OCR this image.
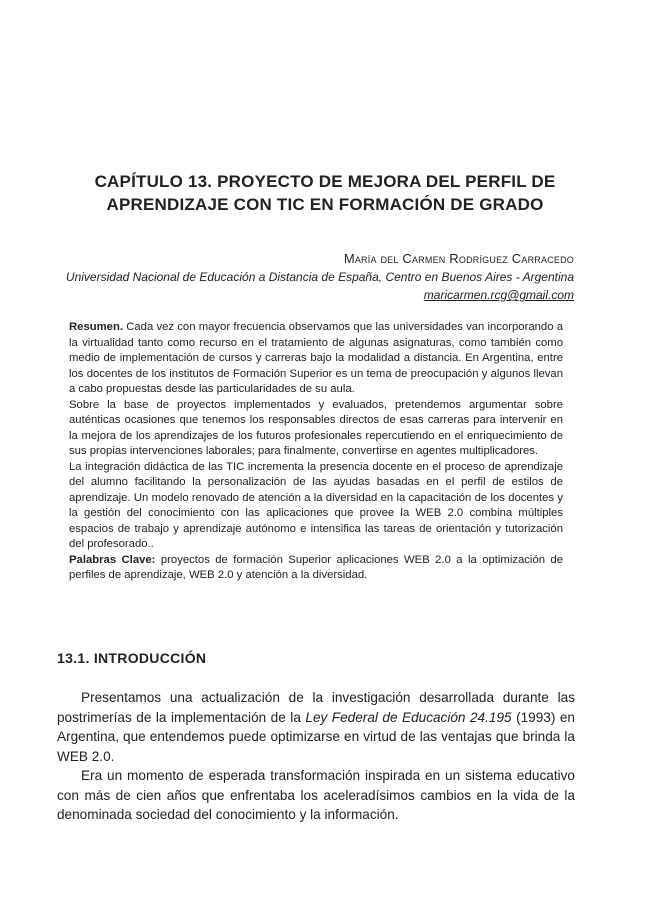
CAPÍTULO 13. PROYECTO DE MEJORA DEL PERFIL DE
APRENDIZAJE CON TIC EN FORMACIÓN DE GRADO
María del Carmen Rodríguez Carracedo
Universidad Nacional de Educación a Distancia de España, Centro en Buenos Aires - Argentina
maricarmen.rcg@gmail.com

Resumen. Cada vez con mayor frecuencia observamos que las universidades van incorporando a la virtualidad tanto como recurso en el tratamiento de algunas asignaturas, como también como medio de implementación de cursos y carreras bajo la modalidad a distancia. En Argentina, entre los docentes de los institutos de Formación Superior es un tema de preocupación y algunos llevan a cabo propuestas desde las particularidades de su aula.

Sobre la base de proyectos implementados y evaluados, pretendemos argumentar sobre auténticas ocasiones que tenemos los responsables directos de esas carreras para intervenir en la mejora de los aprendizajes de los futuros profesionales repercutiendo en el enriquecimiento de sus propias intervenciones laborales; para finalmente, convertirse en agentes multiplicadores.

La integración didáctica de las TIC incrementa la presencia docente en el proceso de aprendizaje del alumno facilitando la personalización de las ayudas basadas en el perfil de estilos de aprendizaje. Un modelo renovado de atención a la diversidad en la capacitación de los docentes y la gestión del conocimiento con las aplicaciones que provee la WEB 2.0 combina múltiples espacios de trabajo y aprendizaje autónomo e intensifica las tareas de orientación y tutorización del profesorado..

Palabras Clave: proyectos de formación Superior aplicaciones WEB 2.0 a la optimización de perfiles de aprendizaje, WEB 2.0 y atención a la diversidad.

13.1. INTRODUCCIÓN

Presentamos una actualización de la investigación desarrollada durante las postrimerías de la implementación de la Ley Federal de Educación 24.195 (1993) en Argentina, que entendemos puede optimizarse en virtud de las ventajas que brinda la WEB 2.0.

Era un momento de esperada transformación inspirada en un sistema educativo con más de cien años que enfrentaba los aceleradísimos cambios en la vida de la denominada sociedad del conocimiento y la información.
